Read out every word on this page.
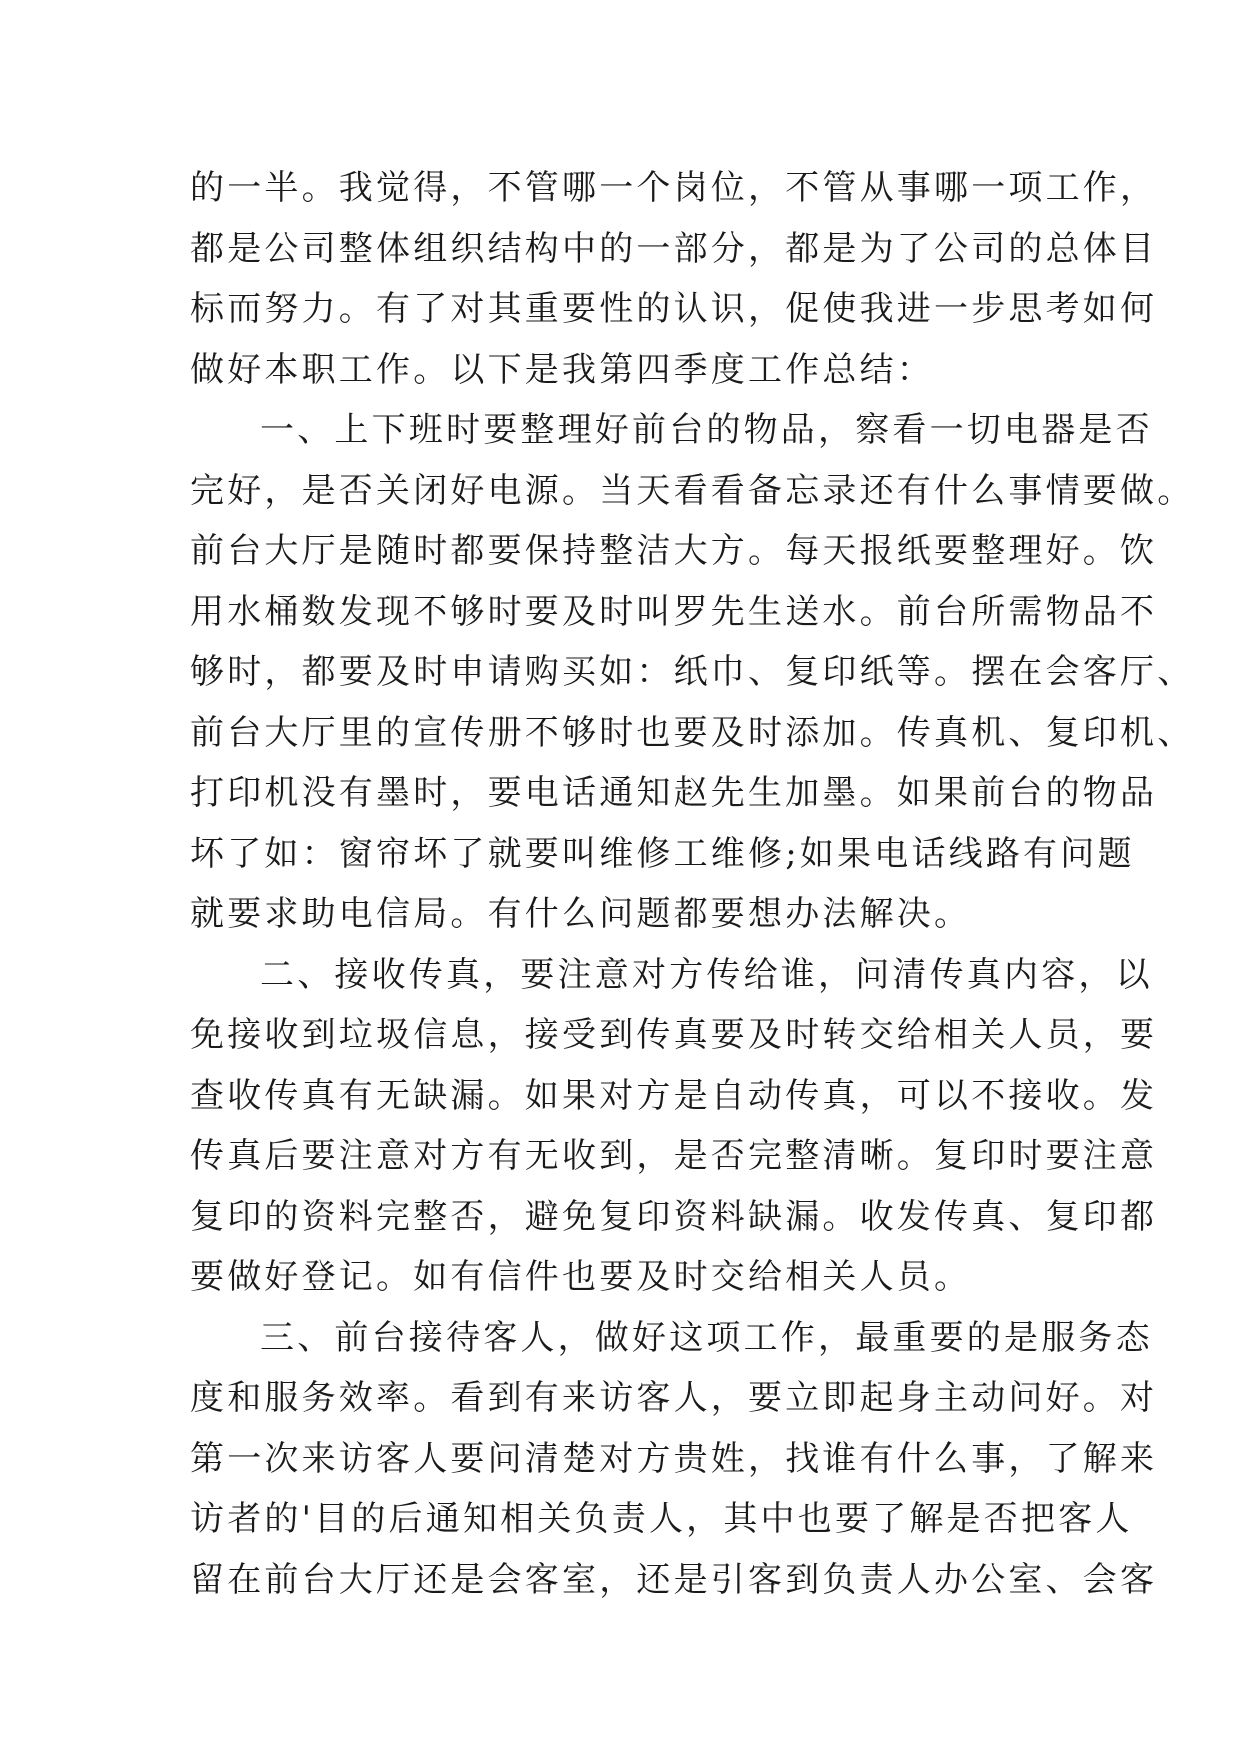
的一半。我觉得，不管哪一个岗位，不管从事哪一项工作，
都是公司整体组织结构中的一部分，都是为了公司的总体目
标而努力。有了对其重要性的认识，促使我进一步思考如何
做好本职工作。以下是我第四季度工作总结：
一、上下班时要整理好前台的物品，察看一切电器是否
完好，是否关闭好电源。当天看看备忘录还有什么事情要做。
前台大厅是随时都要保持整洁大方。每天报纸要整理好。饮
用水桶数发现不够时要及时叫罗先生送水。前台所需物品不
够时，都要及时申请购买如：纸巾、复印纸等。摆在会客厅、
前台大厅里的宣传册不够时也要及时添加。传真机、复印机、
打印机没有墨时，要电话通知赵先生加墨。如果前台的物品
坏了如：窗帘坏了就要叫维修工维修;如果电话线路有问题
就要求助电信局。有什么问题都要想办法解决。
二、接收传真，要注意对方传给谁，问清传真内容，以
免接收到垃圾信息，接受到传真要及时转交给相关人员，要
查收传真有无缺漏。如果对方是自动传真，可以不接收。发
传真后要注意对方有无收到，是否完整清晰。复印时要注意
复印的资料完整否，避免复印资料缺漏。收发传真、复印都
要做好登记。如有信件也要及时交给相关人员。
三、前台接待客人，做好这项工作，最重要的是服务态
度和服务效率。看到有来访客人，要立即起身主动问好。对
第一次来访客人要问清楚对方贵姓，找谁有什么事，了解来
访者的'目的后通知相关负责人，其中也要了解是否把客人
留在前台大厅还是会客室，还是引客到负责人办公室、会客
